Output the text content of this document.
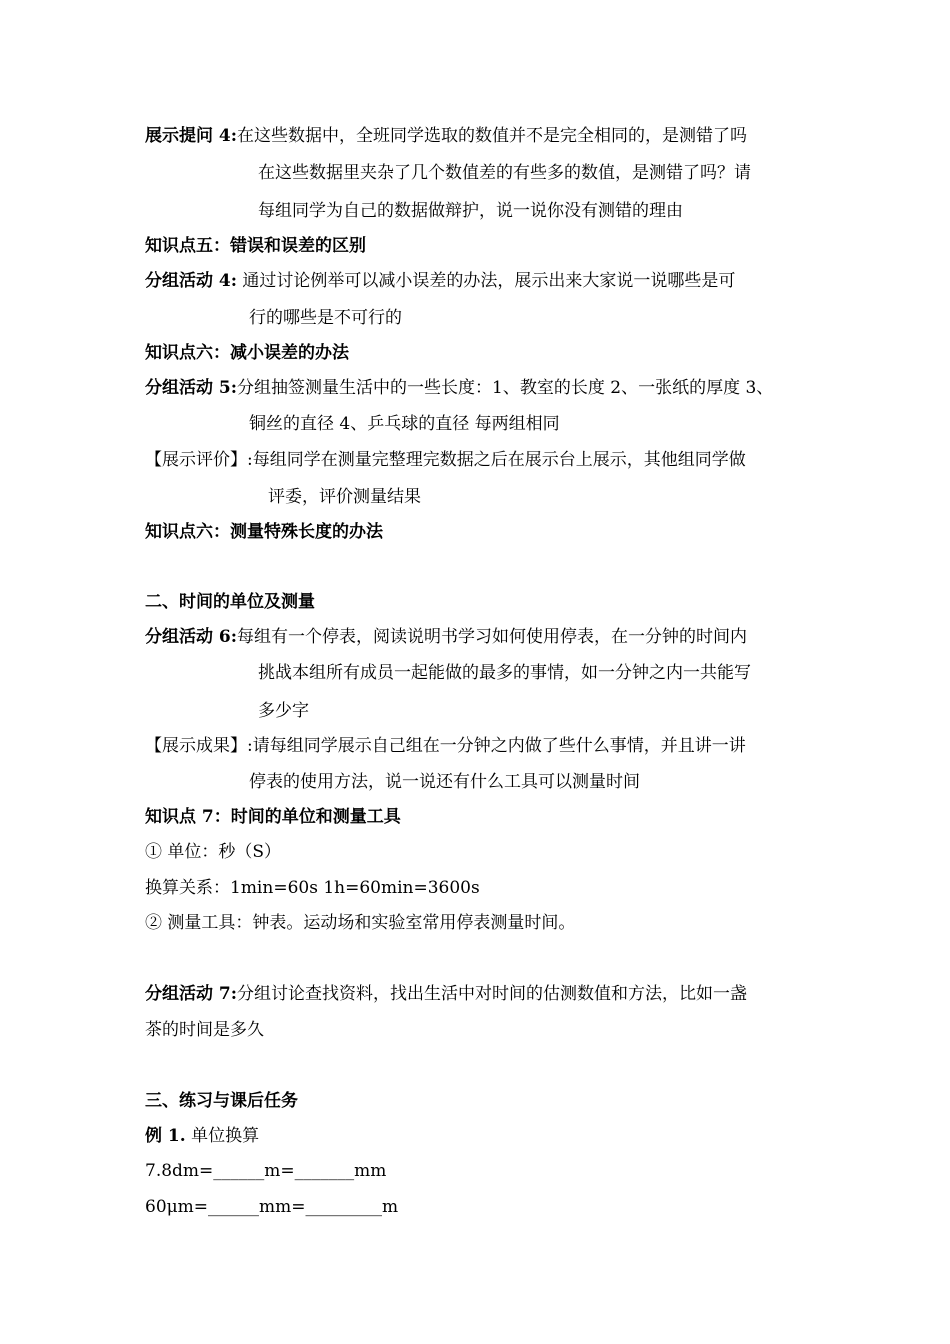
展示提问 4:在这些数据中，全班同学选取的数值并不是完全相同的，是测错了吗
在这些数据里夹杂了几个数值差的有些多的数值，是测错了吗？请
每组同学为自己的数据做辩护，说一说你没有测错的理由
知识点五：错误和误差的区别
分组活动 4: 通过讨论例举可以减小误差的办法，展示出来大家说一说哪些是可
行的哪些是不可行的
知识点六：减小误差的办法
分组活动 5:分组抽签测量生活中的一些长度：1、教室的长度 2、一张纸的厚度 3、
铜丝的直径 4、乒乓球的直径 每两组相同
【展示评价】:每组同学在测量完整理完数据之后在展示台上展示，其他组同学做
评委，评价测量结果
知识点六：测量特殊长度的办法
二、时间的单位及测量
分组活动 6:每组有一个停表，阅读说明书学习如何使用停表，在一分钟的时间内
挑战本组所有成员一起能做的最多的事情，如一分钟之内一共能写
多少字
【展示成果】:请每组同学展示自己组在一分钟之内做了些什么事情，并且讲一讲
停表的使用方法，说一说还有什么工具可以测量时间
知识点 7：时间的单位和测量工具
① 单位：秒（S）
换算关系：1min=60s 1h=60min=3600s
② 测量工具：钟表。运动场和实验室常用停表测量时间。
分组活动 7:分组讨论查找资料，找出生活中对时间的估测数值和方法，比如一盏
茶的时间是多久
三、练习与课后任务
例 1. 单位换算
7.8dm=______m=_______mm
60μm=______mm=_________m
